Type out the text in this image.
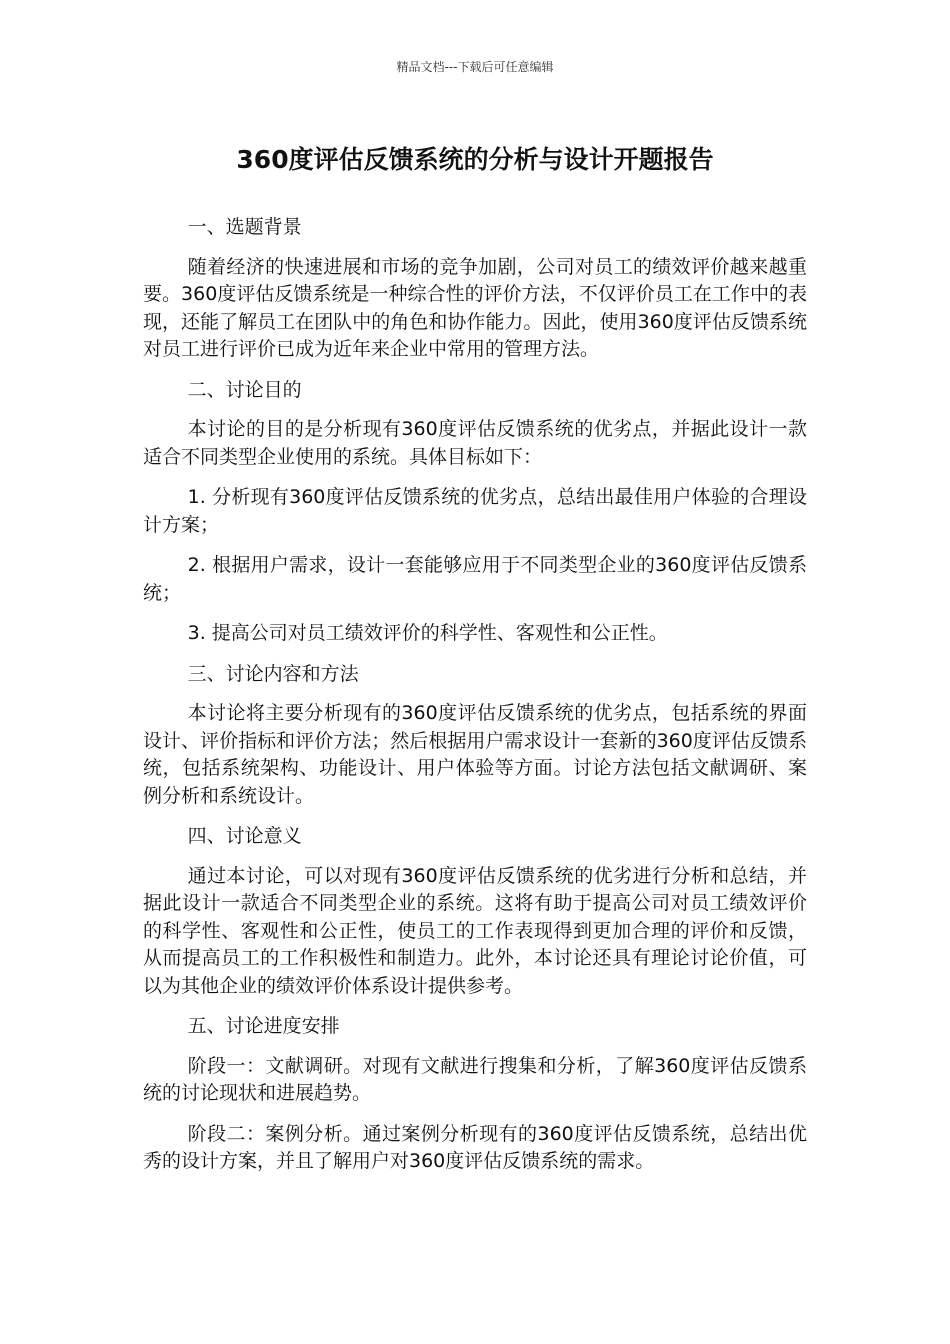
精品文档---下载后可任意编辑
360度评估反馈系统的分析与设计开题报告

一、选题背景

随着经济的快速进展和市场的竞争加剧，公司对员工的绩效评价越来越重要。360度评估反馈系统是一种综合性的评价方法，不仅评价员工在工作中的表现，还能了解员工在团队中的角色和协作能力。因此，使用360度评估反馈系统对员工进行评价已成为近年来企业中常用的管理方法。

二、讨论目的

本讨论的目的是分析现有360度评估反馈系统的优劣点，并据此设计一款适合不同类型企业使用的系统。具体目标如下：

1. 分析现有360度评估反馈系统的优劣点，总结出最佳用户体验的合理设计方案；

2. 根据用户需求，设计一套能够应用于不同类型企业的360度评估反馈系统；

3. 提高公司对员工绩效评价的科学性、客观性和公正性。

三、讨论内容和方法

本讨论将主要分析现有的360度评估反馈系统的优劣点，包括系统的界面设计、评价指标和评价方法；然后根据用户需求设计一套新的360度评估反馈系统，包括系统架构、功能设计、用户体验等方面。讨论方法包括文献调研、案例分析和系统设计。

四、讨论意义

通过本讨论，可以对现有360度评估反馈系统的优劣进行分析和总结，并据此设计一款适合不同类型企业的系统。这将有助于提高公司对员工绩效评价的科学性、客观性和公正性，使员工的工作表现得到更加合理的评价和反馈，从而提高员工的工作积极性和制造力。此外，本讨论还具有理论讨论价值，可以为其他企业的绩效评价体系设计提供参考。

五、讨论进度安排

阶段一：文献调研。对现有文献进行搜集和分析，了解360度评估反馈系统的讨论现状和进展趋势。

阶段二：案例分析。通过案例分析现有的360度评估反馈系统，总结出优秀的设计方案，并且了解用户对360度评估反馈系统的需求。
